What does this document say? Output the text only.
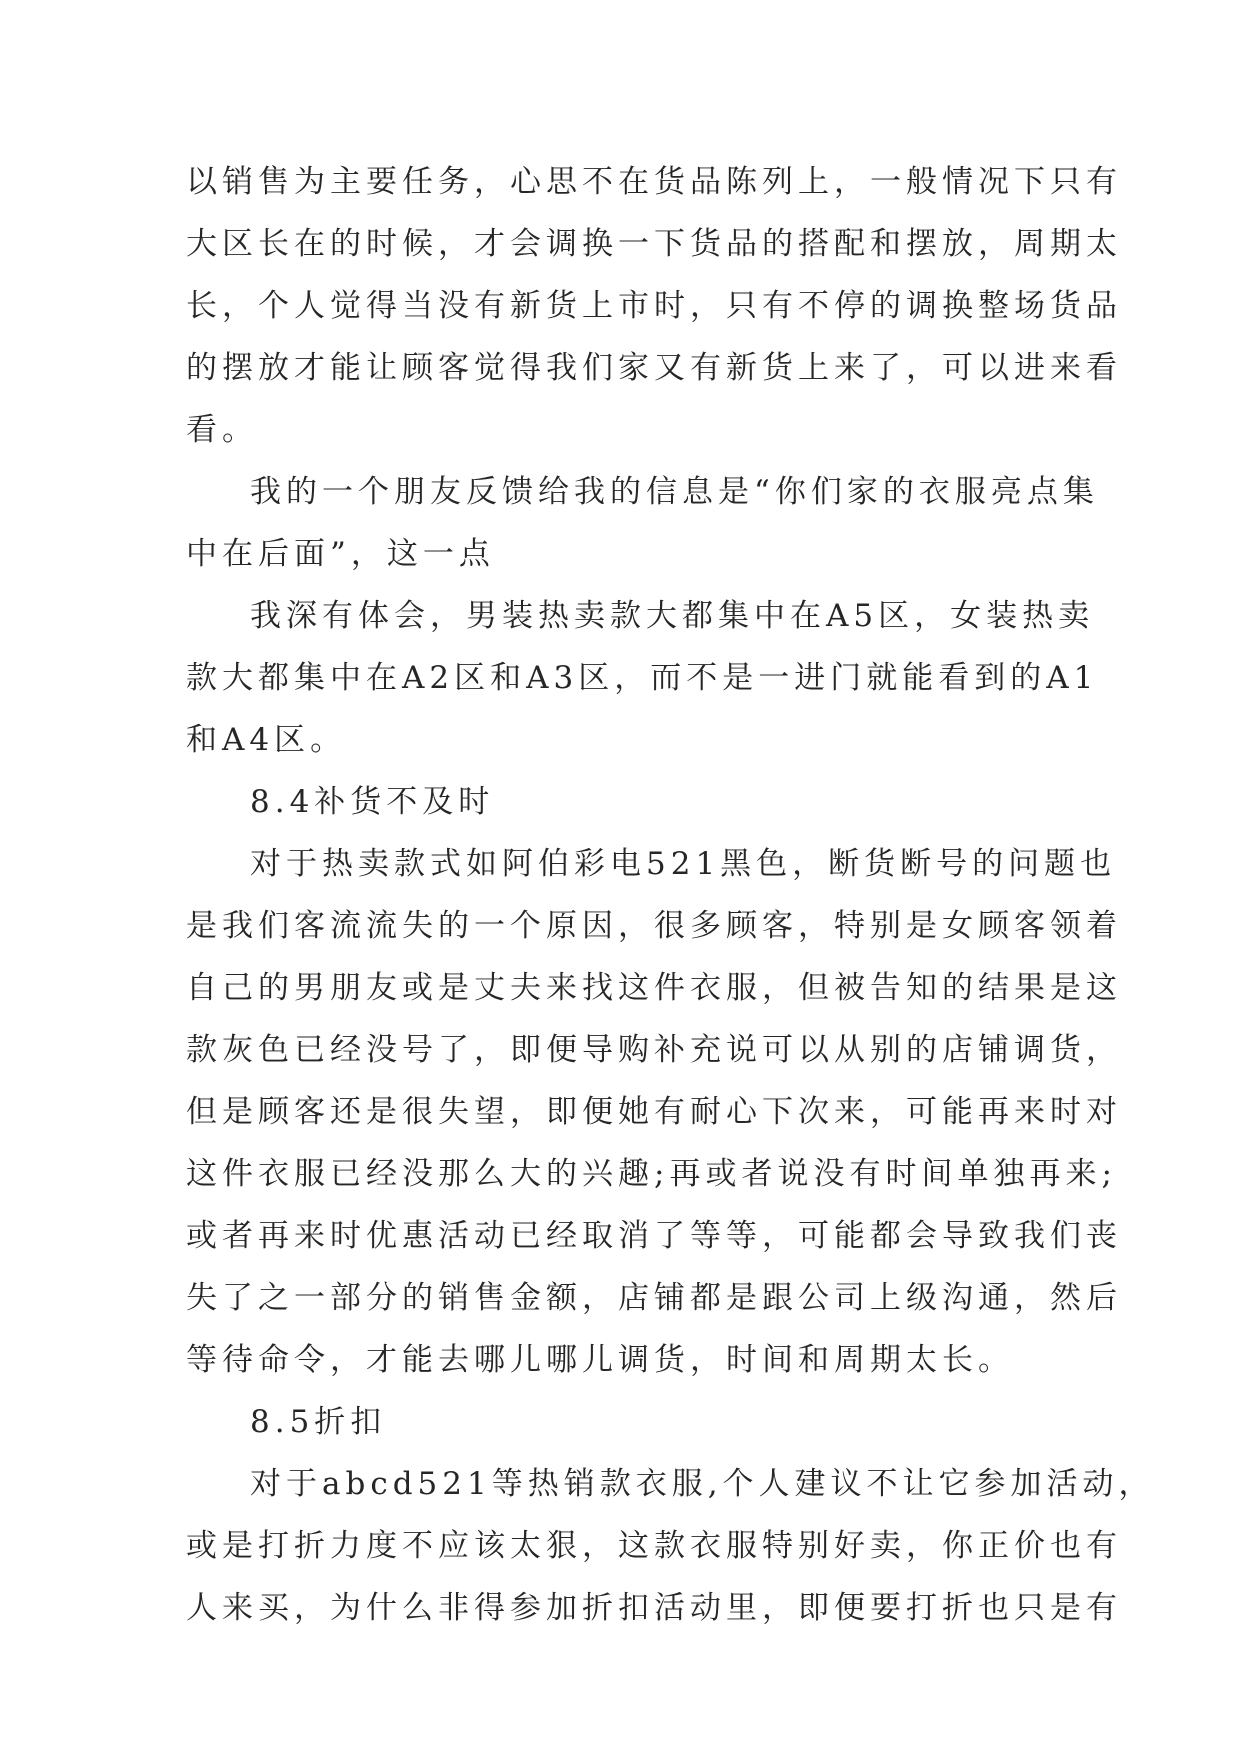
以销售为主要任务，心思不在货品陈列上，一般情况下只有
大区长在的时候，才会调换一下货品的搭配和摆放，周期太
长，个人觉得当没有新货上市时，只有不停的调换整场货品
的摆放才能让顾客觉得我们家又有新货上来了，可以进来看
看。
我的一个朋友反馈给我的信息是“你们家的衣服亮点集
中在后面”，这一点
我深有体会，男装热卖款大都集中在A5区，女装热卖
款大都集中在A2区和A3区，而不是一进门就能看到的A1
和A4区。
8.4补货不及时
对于热卖款式如阿伯彩电521黑色，断货断号的问题也
是我们客流流失的一个原因，很多顾客，特别是女顾客领着
自己的男朋友或是丈夫来找这件衣服，但被告知的结果是这
款灰色已经没号了，即便导购补充说可以从别的店铺调货，
但是顾客还是很失望，即便她有耐心下次来，可能再来时对
这件衣服已经没那么大的兴趣;再或者说没有时间单独再来;
或者再来时优惠活动已经取消了等等，可能都会导致我们丧
失了之一部分的销售金额，店铺都是跟公司上级沟通，然后
等待命令，才能去哪儿哪儿调货，时间和周期太长。
8.5折扣
对于abcd521等热销款衣服,个人建议不让它参加活动，
或是打折力度不应该太狠，这款衣服特别好卖，你正价也有
人来买，为什么非得参加折扣活动里，即便要打折也只是有
